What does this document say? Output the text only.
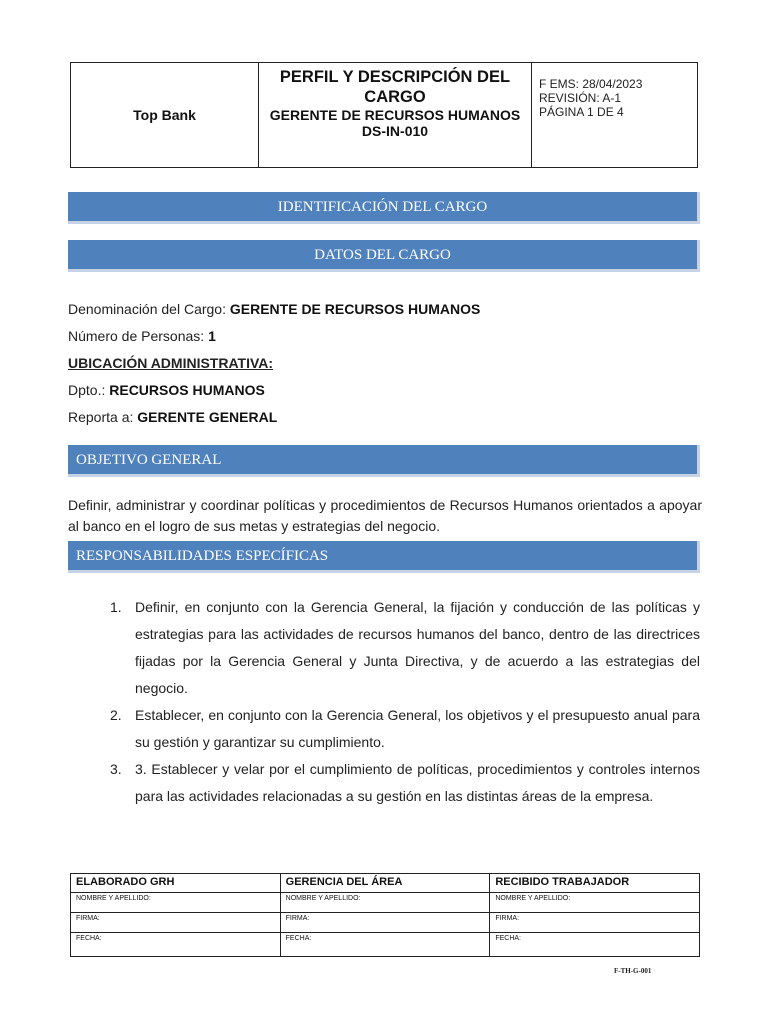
Top Bank
PERFIL Y DESCRIPCIÓN DEL CARGO
GERENTE DE RECURSOS HUMANOS
DS-IN-010
F EMS: 28/04/2023
REVISIÓN: A-1
PÁGINA 1 DE 4
IDENTIFICACIÓN DEL CARGO
DATOS DEL CARGO
Denominación del Cargo: GERENTE DE RECURSOS HUMANOS
Número de Personas: 1
UBICACIÓN ADMINISTRATIVA:
Dpto.: RECURSOS HUMANOS
Reporta a: GERENTE GENERAL
OBJETIVO GENERAL
Definir, administrar y coordinar políticas y procedimientos de Recursos Humanos orientados a apoyar al banco en el logro de sus metas y estrategias del negocio.
RESPONSABILIDADES ESPECÍFICAS
1. Definir, en conjunto con la Gerencia General, la fijación y conducción de las políticas y estrategias para las actividades de recursos humanos del banco, dentro de las directrices fijadas por la Gerencia General y Junta Directiva, y de acuerdo a las estrategias del negocio.
2. Establecer, en conjunto con la Gerencia General, los objetivos y el presupuesto anual para su gestión y garantizar su cumplimiento.
3. 3. Establecer y velar por el cumplimiento de políticas, procedimientos y controles internos para las actividades relacionadas a su gestión en las distintas áreas de la empresa.
ELABORADO GRH	GERENCIA DEL ÁREA	RECIBIDO TRABAJADOR
NOMBRE Y APELLIDO:	NOMBRE Y APELLIDO:	NOMBRE Y APELLIDO:
FIRMA:	FIRMA:	FIRMA:
FECHA:	FECHA:	FECHA:
F-TH-G-001
